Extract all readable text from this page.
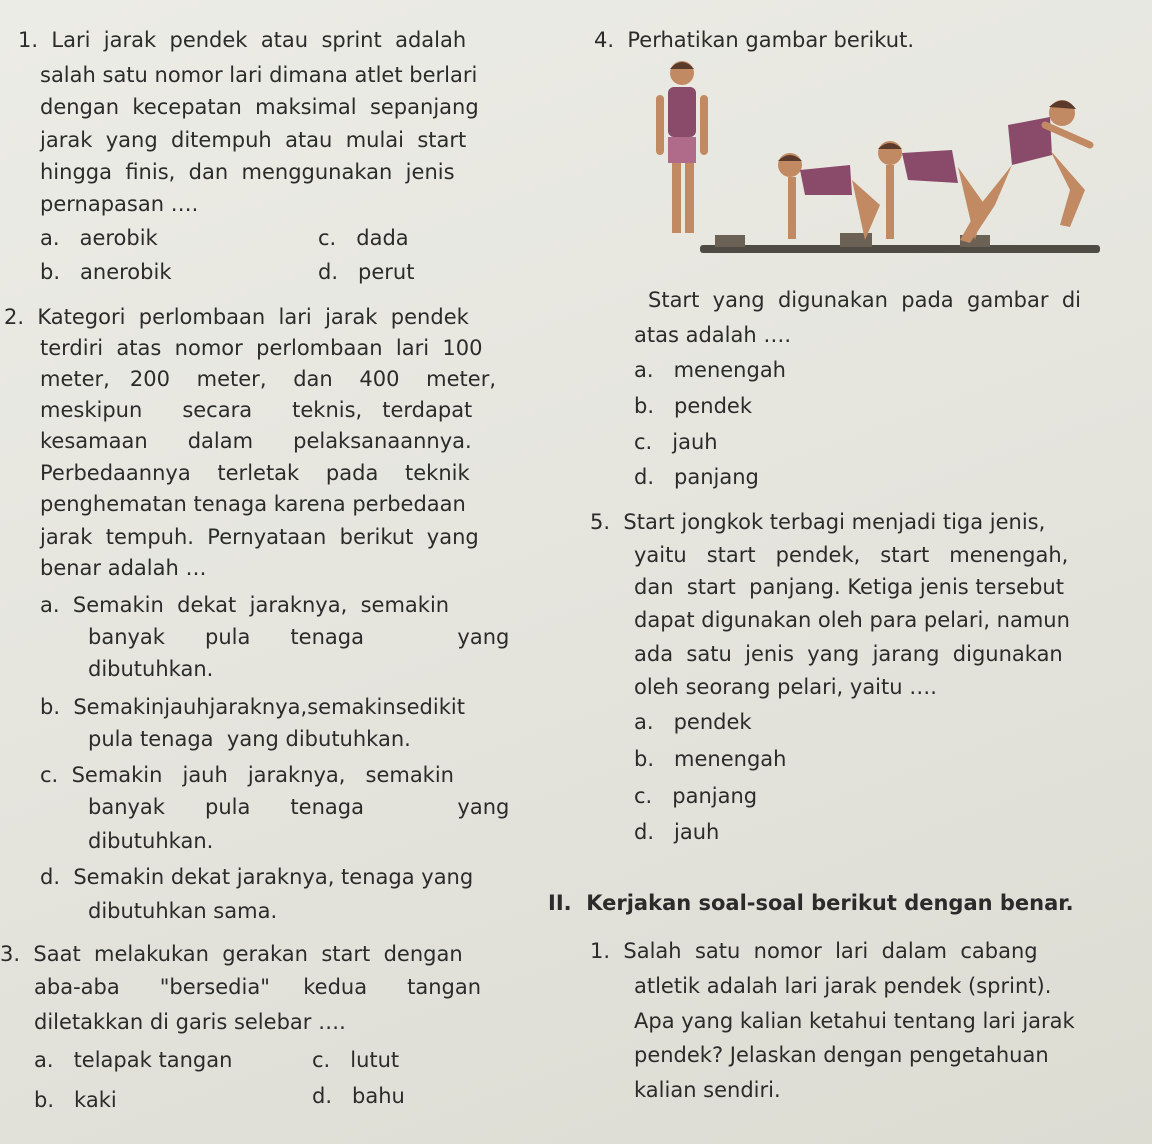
1.  Lari  jarak  pendek  atau  sprint  adalah
salah satu nomor lari dimana atlet berlari
dengan  kecepatan  maksimal  sepanjang
jarak  yang  ditempuh  atau  mulai  start
hingga  finis,  dan  menggunakan  jenis
pernapasan ….
a.   aerobik	c.   dada
b.   anerobik	d.   perut
2.  Kategori  perlombaan  lari  jarak  pendek
terdiri  atas  nomor  perlombaan  lari  100
meter,   200    meter,    dan    400    meter,
meskipun      secara      teknis,   terdapat
kesamaan      dalam      pelaksanaannya.
Perbedaannya    terletak    pada    teknik
penghematan tenaga karena perbedaan
jarak  tempuh.  Pernyataan  berikut  yang
benar adalah …
a.  Semakin  dekat  jaraknya,  semakin
banyak      pula      tenaga              yang
dibutuhkan.
b.  Semakinjauhjaraknya,semakinsedikit
pula tenaga  yang dibutuhkan.
c.  Semakin   jauh   jaraknya,   semakin
banyak      pula      tenaga              yang
dibutuhkan.
d.  Semakin dekat jaraknya, tenaga yang
dibutuhkan sama.
3.  Saat  melakukan  gerakan  start  dengan
aba-aba      "bersedia"     kedua      tangan
diletakkan di garis selebar ….
a.   telapak tangan	c.   lutut
b.   kaki	d.   bahu
4.  Perhatikan gambar berikut.
Start  yang  digunakan  pada  gambar  di
atas adalah ….
a.   menengah
b.   pendek
c.   jauh
d.   panjang
5.  Start jongkok terbagi menjadi tiga jenis,
yaitu   start   pendek,   start   menengah,
dan  start  panjang. Ketiga jenis tersebut
dapat digunakan oleh para pelari, namun
ada  satu  jenis  yang  jarang  digunakan
oleh seorang pelari, yaitu ….
a.   pendek
b.   menengah
c.   panjang
d.   jauh
II.  Kerjakan soal-soal berikut dengan benar.
1.  Salah  satu  nomor  lari  dalam  cabang
atletik adalah lari jarak pendek (sprint).
Apa yang kalian ketahui tentang lari jarak
pendek? Jelaskan dengan pengetahuan
kalian sendiri.
